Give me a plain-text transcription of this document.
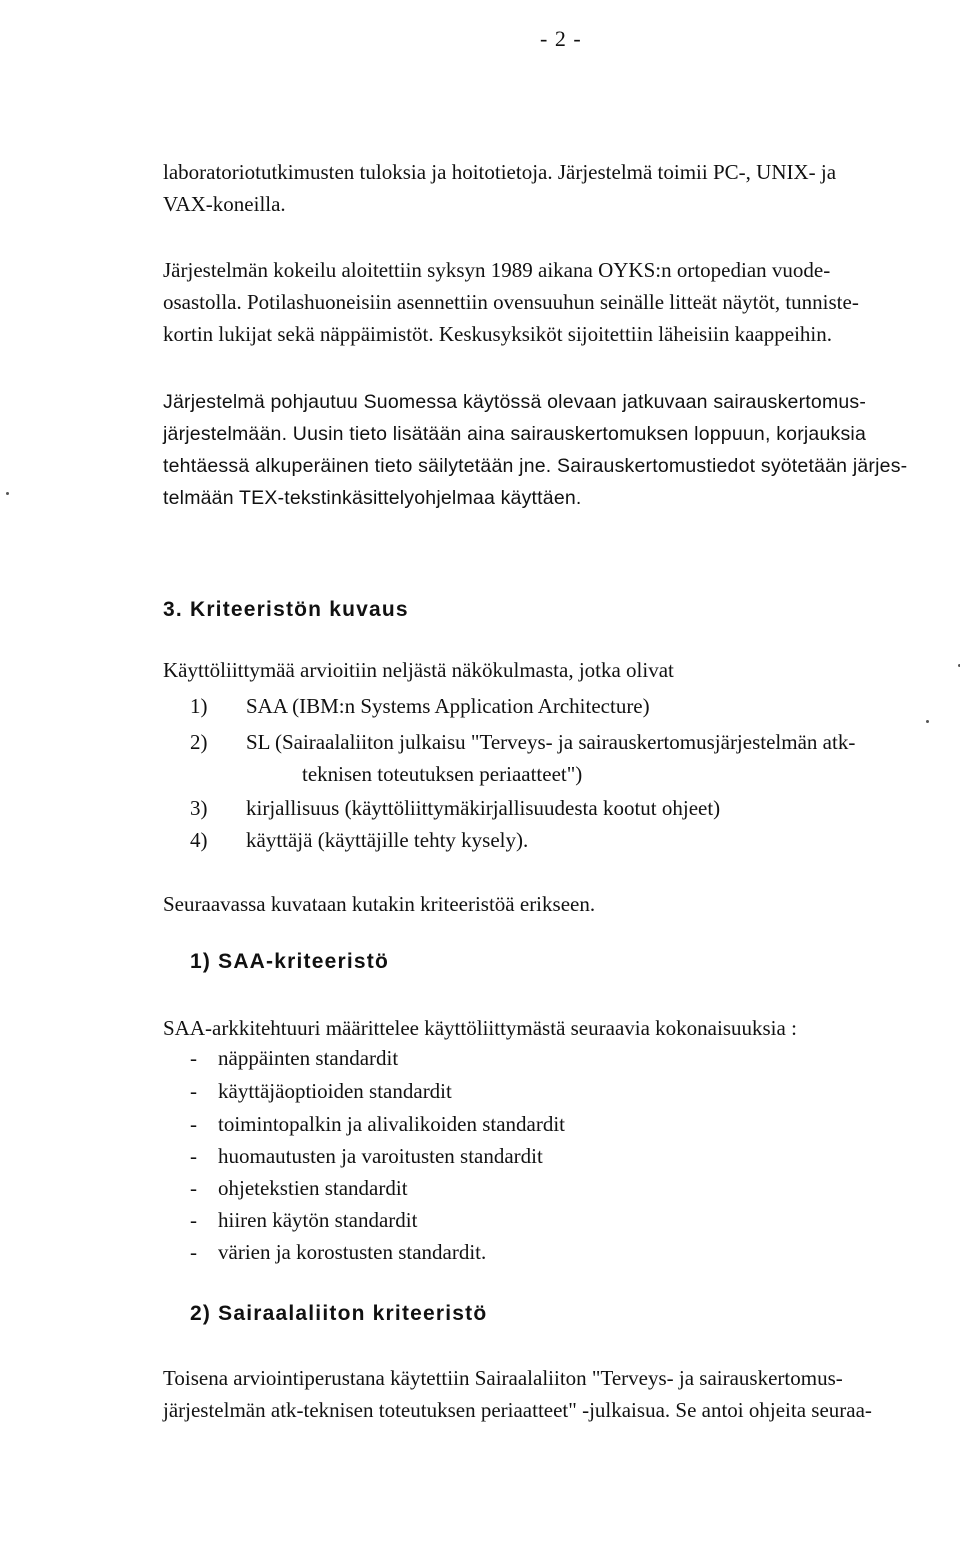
- 2 -
laboratoriotutkimusten tuloksia ja hoitotietoja. Järjestelmä toimii PC-, UNIX- ja
VAX-koneilla.
Järjestelmän kokeilu aloitettiin syksyn 1989 aikana OYKS:n ortopedian vuode-
osastolla. Potilashuoneisiin asennettiin ovensuuhun seinälle litteät näytöt, tunniste-
kortin lukijat sekä näppäimistöt. Keskusyksiköt sijoitettiin läheisiin kaappeihin.
Järjestelmä pohjautuu Suomessa käytössä olevaan jatkuvaan sairauskertomus-
järjestelmään. Uusin tieto lisätään aina sairauskertomuksen loppuun, korjauksia
tehtäessä alkuperäinen tieto säilytetään jne. Sairauskertomustiedot syötetään järjes-
telmään TEX-tekstinkäsittelyohjelmaa käyttäen.
3. Kriteeristön kuvaus
Käyttöliittymää arvioitiin neljästä näkökulmasta, jotka olivat
1) SAA (IBM:n Systems Application Architecture)
2) SL (Sairaalaliiton julkaisu "Terveys- ja sairauskertomusjärjestelmän atk-
teknisen toteutuksen periaatteet")
3) kirjallisuus (käyttöliittymäkirjallisuudesta kootut ohjeet)
4) käyttäjä (käyttäjille tehty kysely).
Seuraavassa kuvataan kutakin kriteeristöä erikseen.
1) SAA-kriteeristö
SAA-arkkitehtuuri määrittelee käyttöliittymästä seuraavia kokonaisuuksia :
- näppäinten standardit
- käyttäjäoptioiden standardit
- toimintopalkin ja alivalikoiden standardit
- huomautusten ja varoitusten standardit
- ohjetekstien standardit
- hiiren käytön standardit
- värien ja korostusten standardit.
2) Sairaalaliiton kriteeristö
Toisena arviointiperustana käytettiin Sairaalaliiton "Terveys- ja sairauskertomus-
järjestelmän atk-teknisen toteutuksen periaatteet" -julkaisua. Se antoi ohjeita seuraa-
